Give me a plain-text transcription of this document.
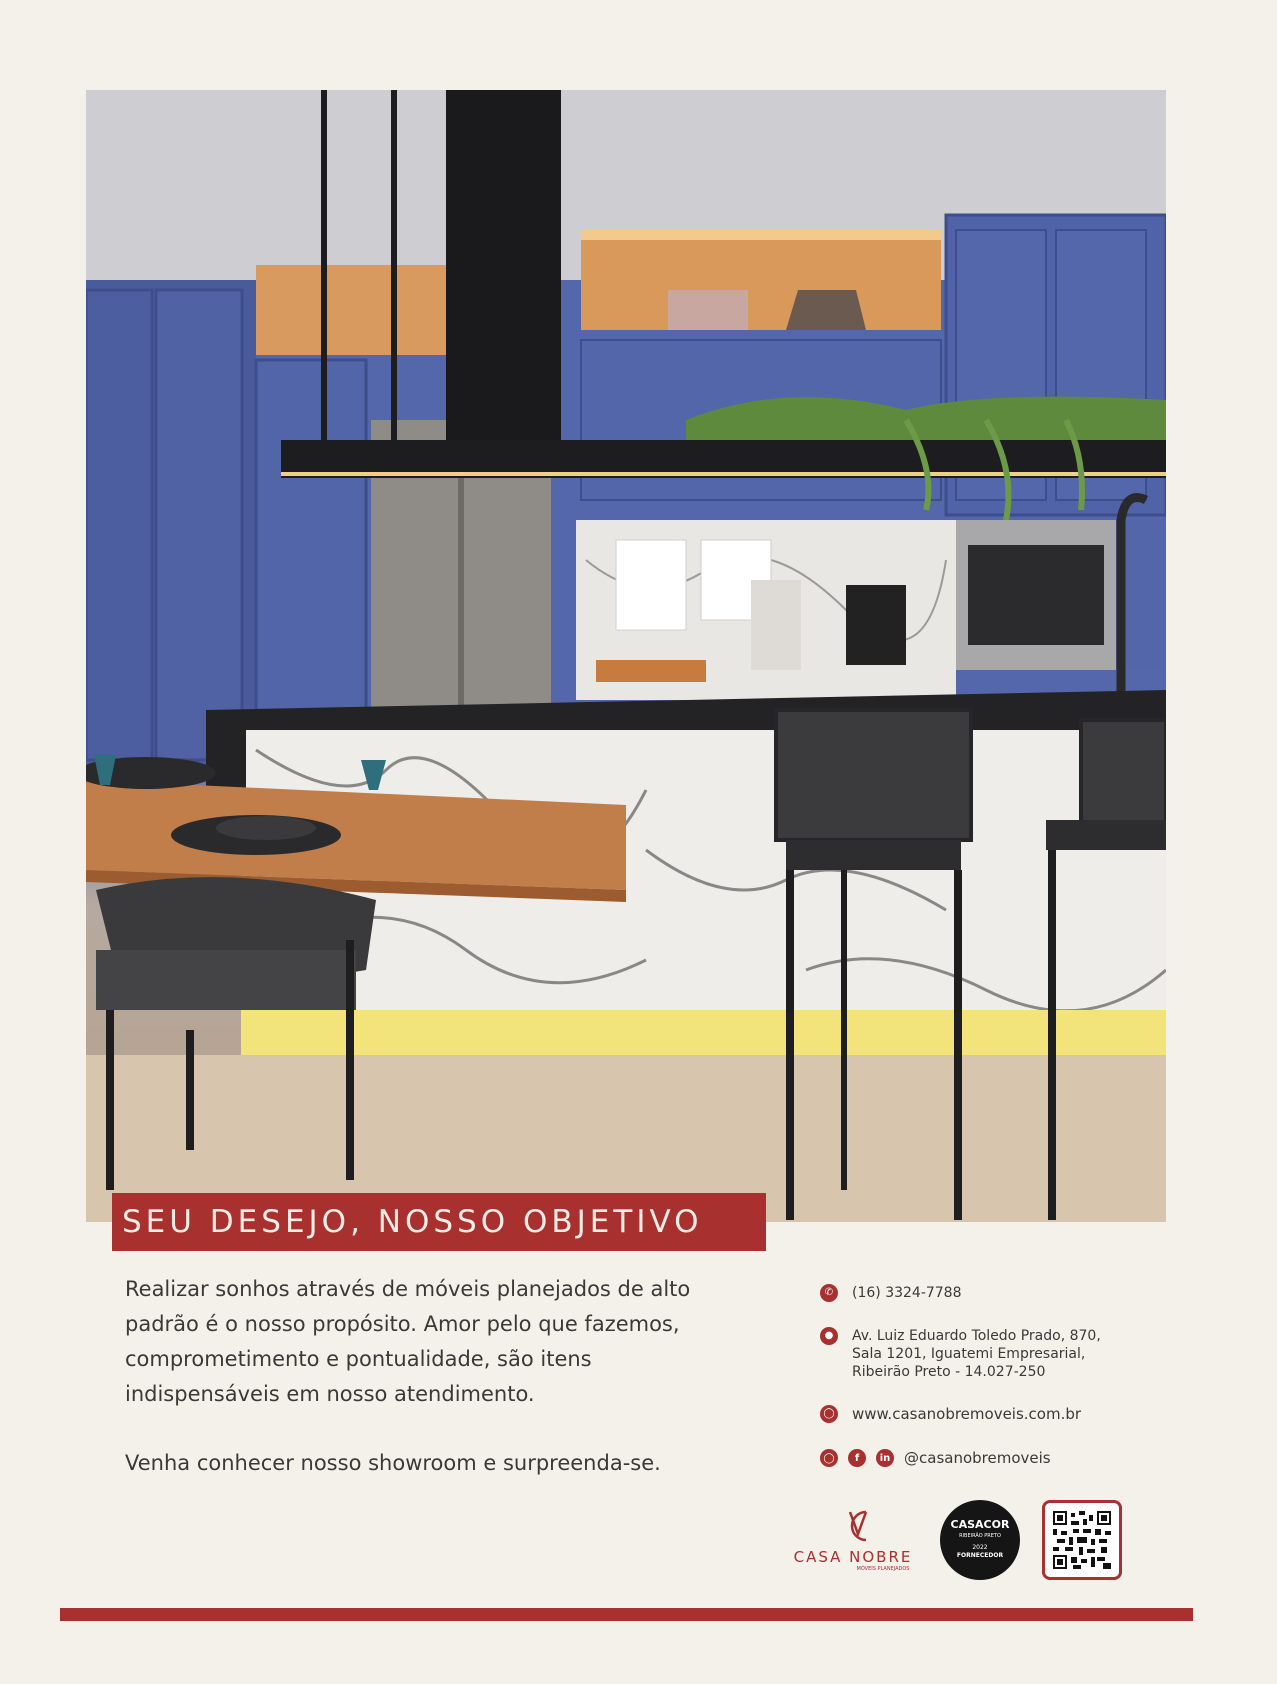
SEU DESEJO, NOSSO OBJETIVO

Realizar sonhos através de móveis planejados de alto padrão é o nosso propósito. Amor pelo que fazemos, comprometimento e pontualidade, são itens indispensáveis em nosso atendimento.

Venha conhecer nosso showroom e surpreenda-se.

✆	(16) 3324-7788
●	Av. Luiz Eduardo Toledo Prado, 870,
Sala 1201, Iguatemi Empresarial,
Ribeirão Preto - 14.027-250
◯ www.casanobremoveis.com.br
◯	f	in @casanobremoveis
CASA NOBRE
MÓVEIS PLANEJADOS
CASACOR
RIBEIRÃO PRETO
2022
FORNECEDOR
